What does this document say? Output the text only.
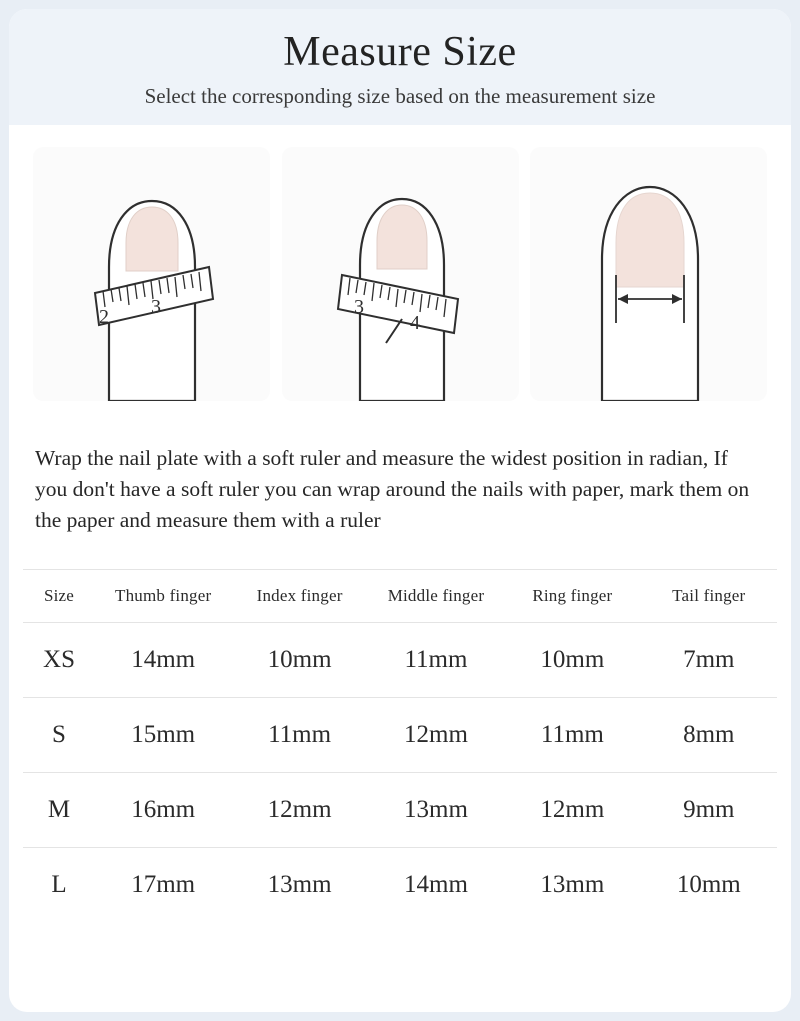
Measure Size

Select the corresponding size based on the measurement size

2 3	3
4

Wrap the nail plate with a soft ruler and measure the widest position in radian, If you don't have a soft ruler you can wrap around the nails with paper, mark them on the paper and measure them with a ruler

Size	Thumb finger	Index finger	Middle finger	Ring finger	Tail finger
XS	14mm	10mm	11mm	10mm	7mm
S	15mm	11mm	12mm	11mm	8mm
M	16mm	12mm	13mm	12mm	9mm
L	17mm	13mm	14mm	13mm	10mm
